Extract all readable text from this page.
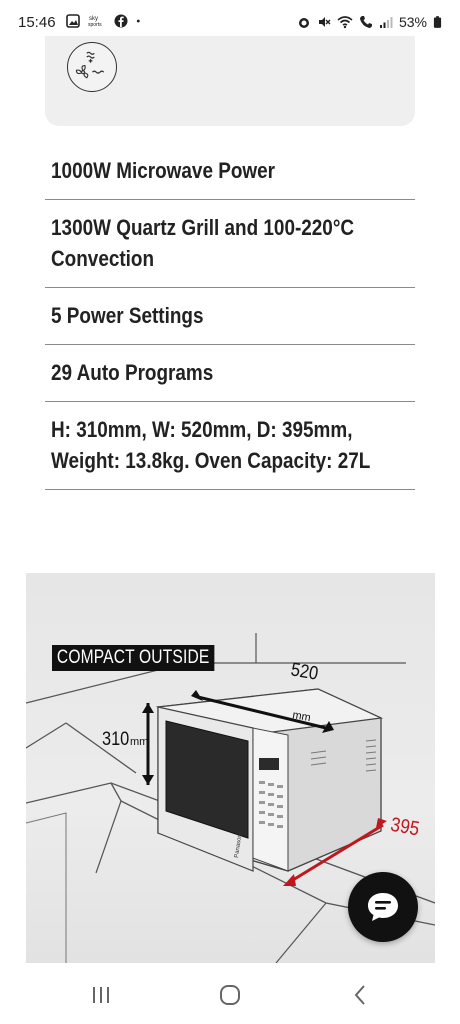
15:46	sky
sports	53%
1000W Microwave Power
1300W Quartz Grill and 100-220°C Convection
5 Power Settings
29 Auto Programs
H: 310mm, W: 520mm, D: 395mm, Weight: 13.8kg. Oven Capacity: 27L
Panasonic
310 mm
520
mm
395
COMPACT OUTSIDE
